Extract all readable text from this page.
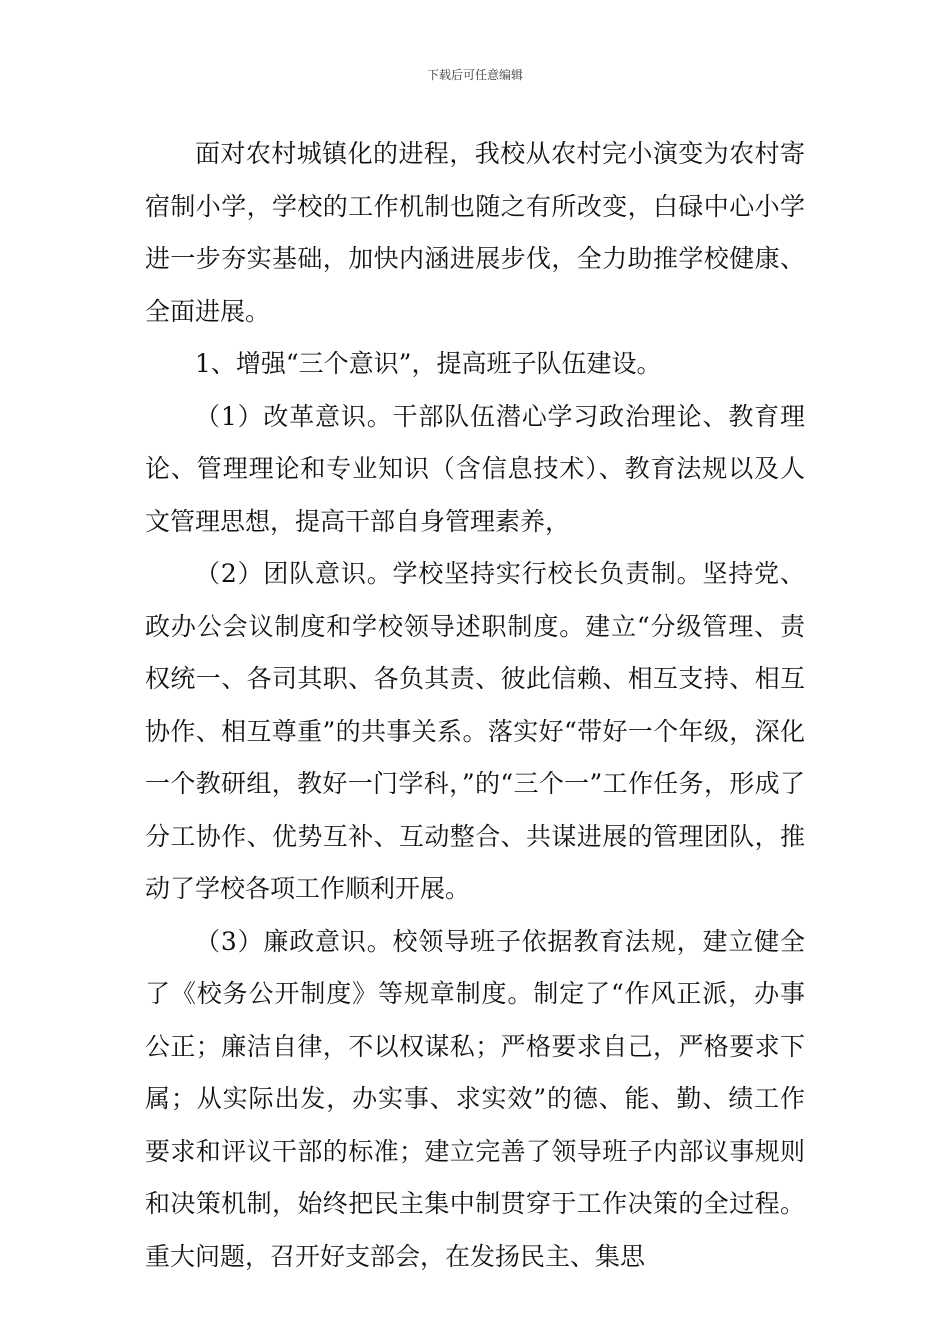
下载后可任意编辑

面对农村城镇化的进程，我校从农村完小演变为农村寄宿制小学，学校的工作机制也随之有所改变，白碌中心小学进一步夯实基础，加快内涵进展步伐，全力助推学校健康、全面进展。

1、增强“三个意识”，提高班子队伍建设。

（1）改革意识。干部队伍潜心学习政治理论、教育理论、管理理论和专业知识（含信息技术）、教育法规以及人文管理思想，提高干部自身管理素养，

（2）团队意识。学校坚持实行校长负责制。坚持党、政办公会议制度和学校领导述职制度。建立“分级管理、责权统一、各司其职、各负其责、彼此信赖、相互支持、相互协作、相互尊重”的共事关系。落实好“带好一个年级，深化一个教研组，教好一门学科，”的“三个一”工作任务，形成了分工协作、优势互补、互动整合、共谋进展的管理团队，推动了学校各项工作顺利开展。

（3）廉政意识。校领导班子依据教育法规，建立健全了《校务公开制度》等规章制度。制定了“作风正派，办事公正；廉洁自律，不以权谋私；严格要求自己，严格要求下属；从实际出发，办实事、求实效”的德、能、勤、绩工作要求和评议干部的标准；建立完善了领导班子内部议事规则和决策机制，始终把民主集中制贯穿于工作决策的全过程。重大问题，召开好支部会，在发扬民主、集思
